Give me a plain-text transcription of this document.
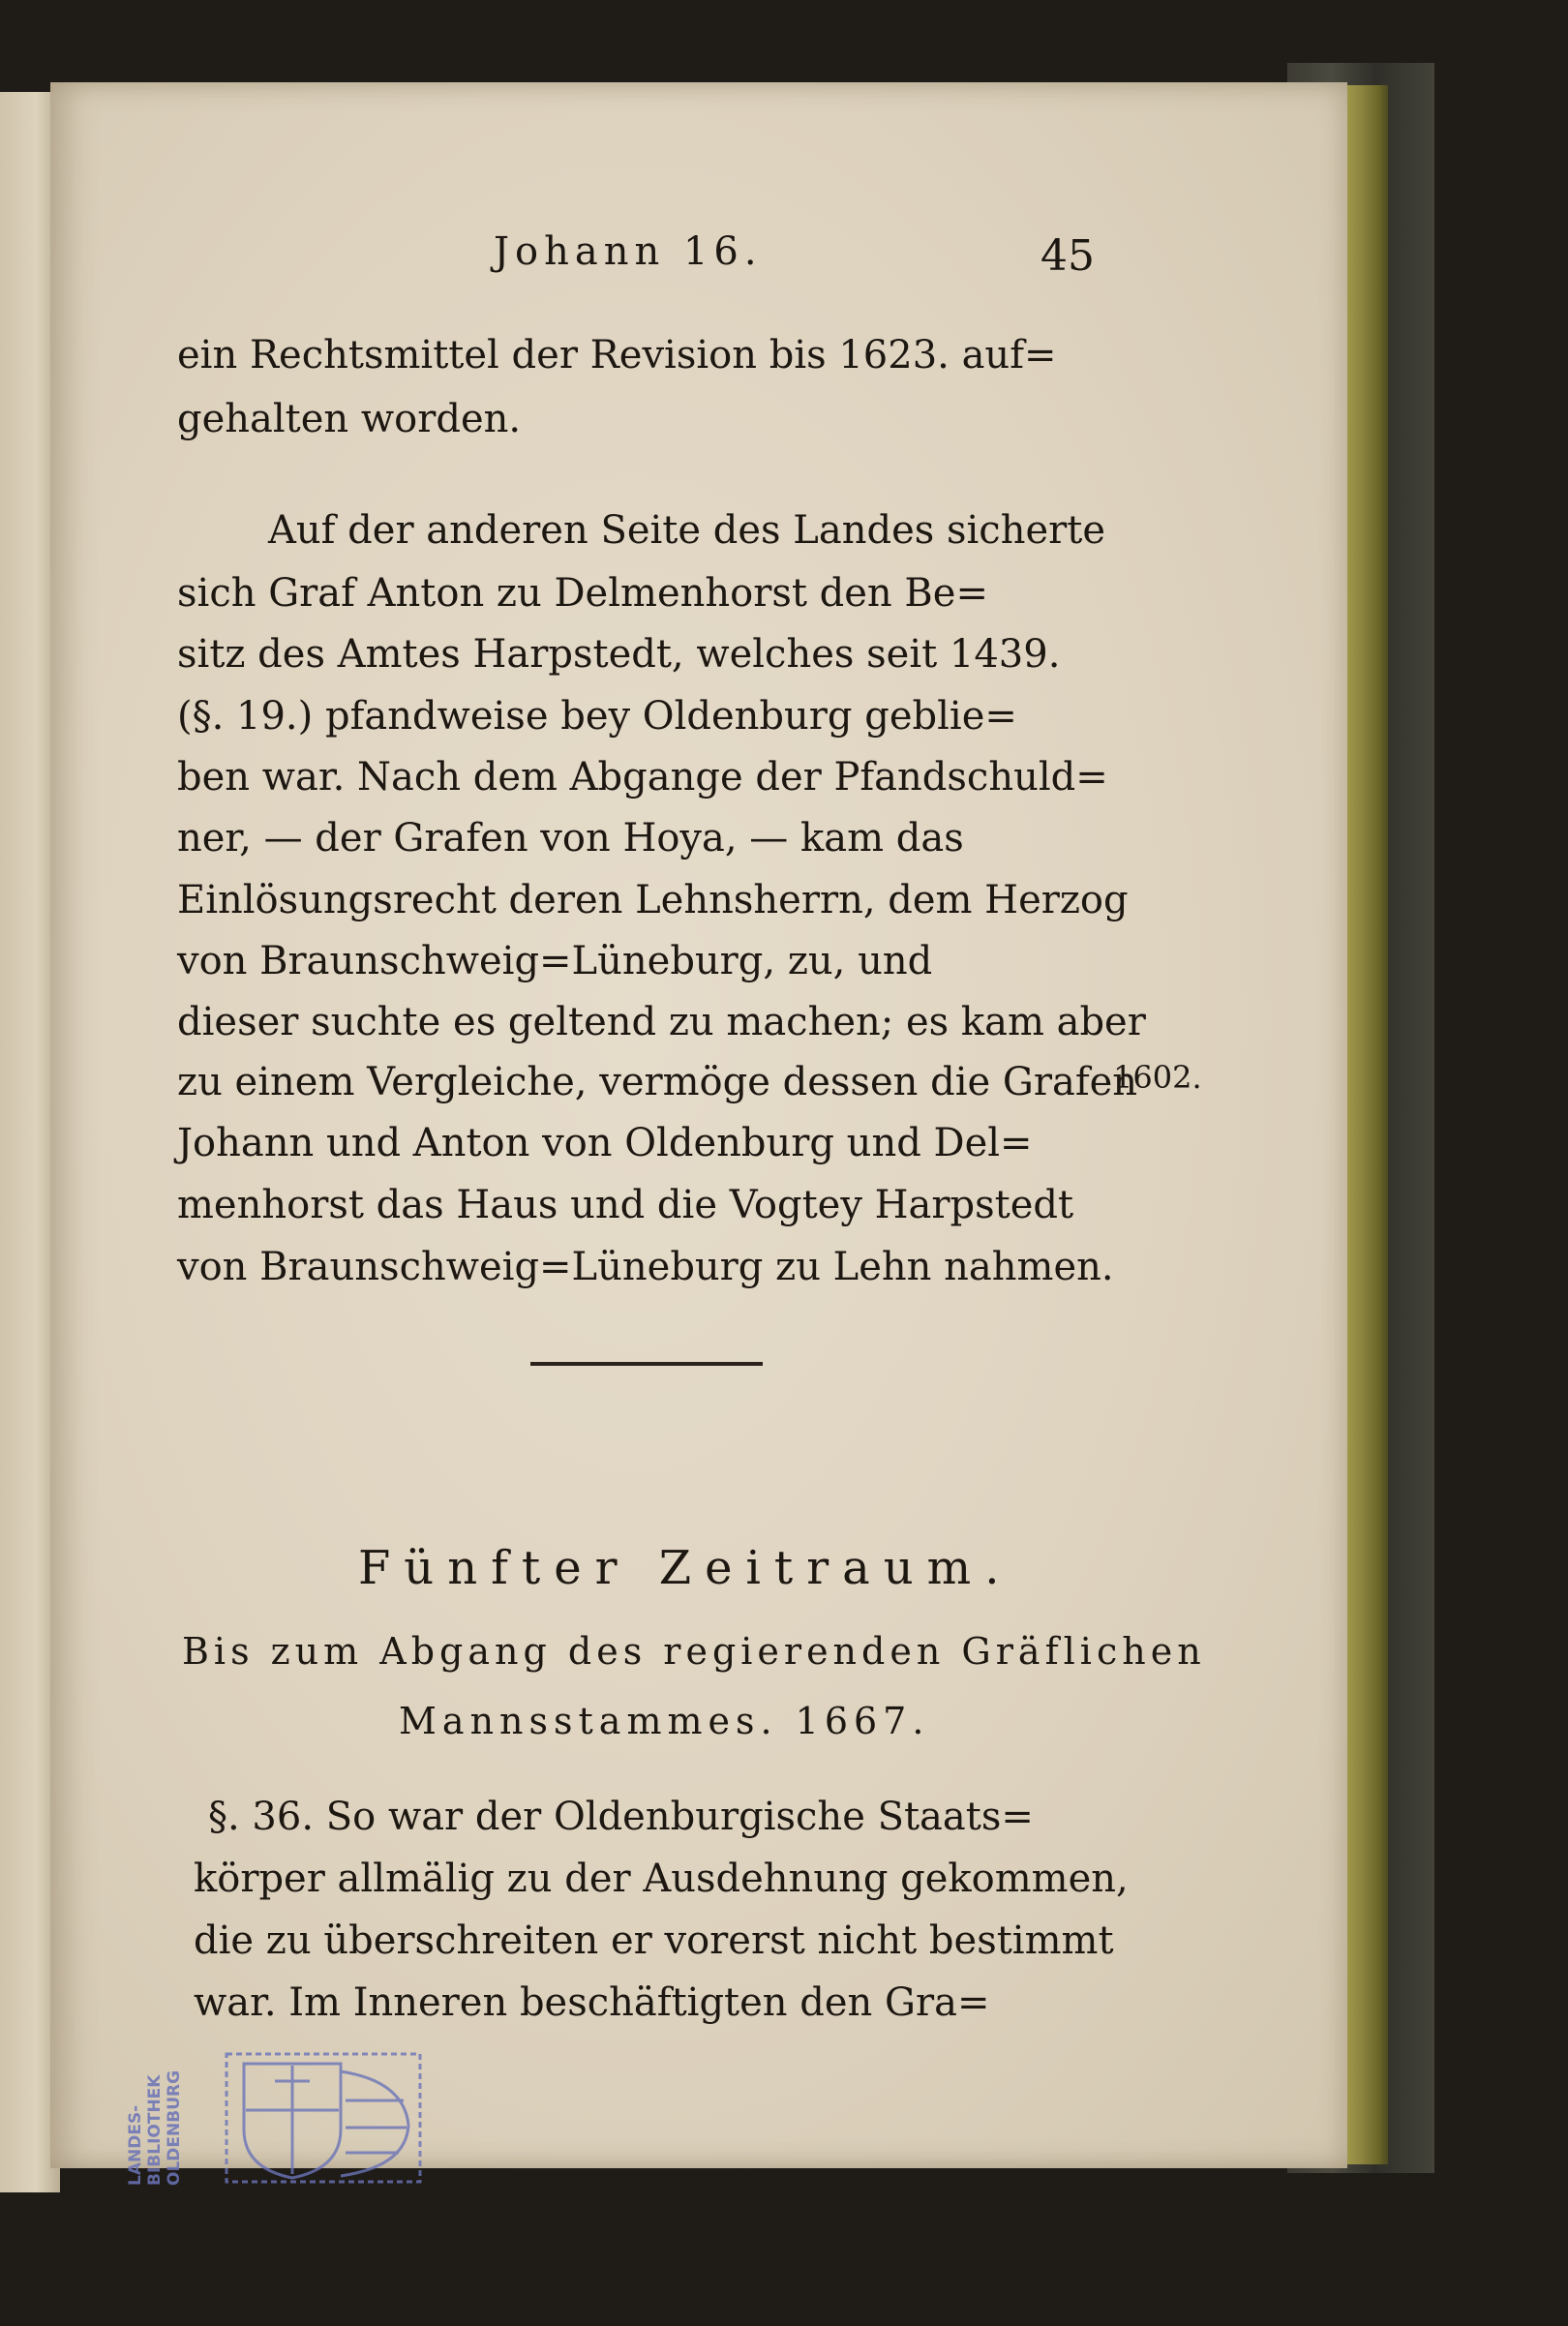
Johann 16.	45
ein Rechtsmittel der Revision bis 1623. auf=
gehalten worden.
Auf der anderen Seite des Landes sicherte
sich Graf Anton zu Delmenhorst den Be=
sitz des Amtes Harpstedt, welches seit 1439.
(§. 19.) pfandweise bey Oldenburg geblie=
ben war. Nach dem Abgange der Pfandschuld=
ner, — der Grafen von Hoya, — kam das
Einlösungsrecht deren Lehnsherrn, dem Herzog
von Braunschweig=Lüneburg, zu, und
dieser suchte es geltend zu machen; es kam aber
zu einem Vergleiche, vermöge dessen die Grafen
Johann und Anton von Oldenburg und Del=
menhorst das Haus und die Vogtey Harpstedt
von Braunschweig=Lüneburg zu Lehn nahmen.
1602.
Fünfter Zeitraum.
Bis zum Abgang des regierenden Gräflichen
Mannsstammes. 1667.
§. 36. So war der Oldenburgische Staats=
körper allmälig zu der Ausdehnung gekommen,
die zu überschreiten er vorerst nicht bestimmt
war. Im Inneren beschäftigten den Gra=
LANDES- BIBLIOTHEK OLDENBURG
